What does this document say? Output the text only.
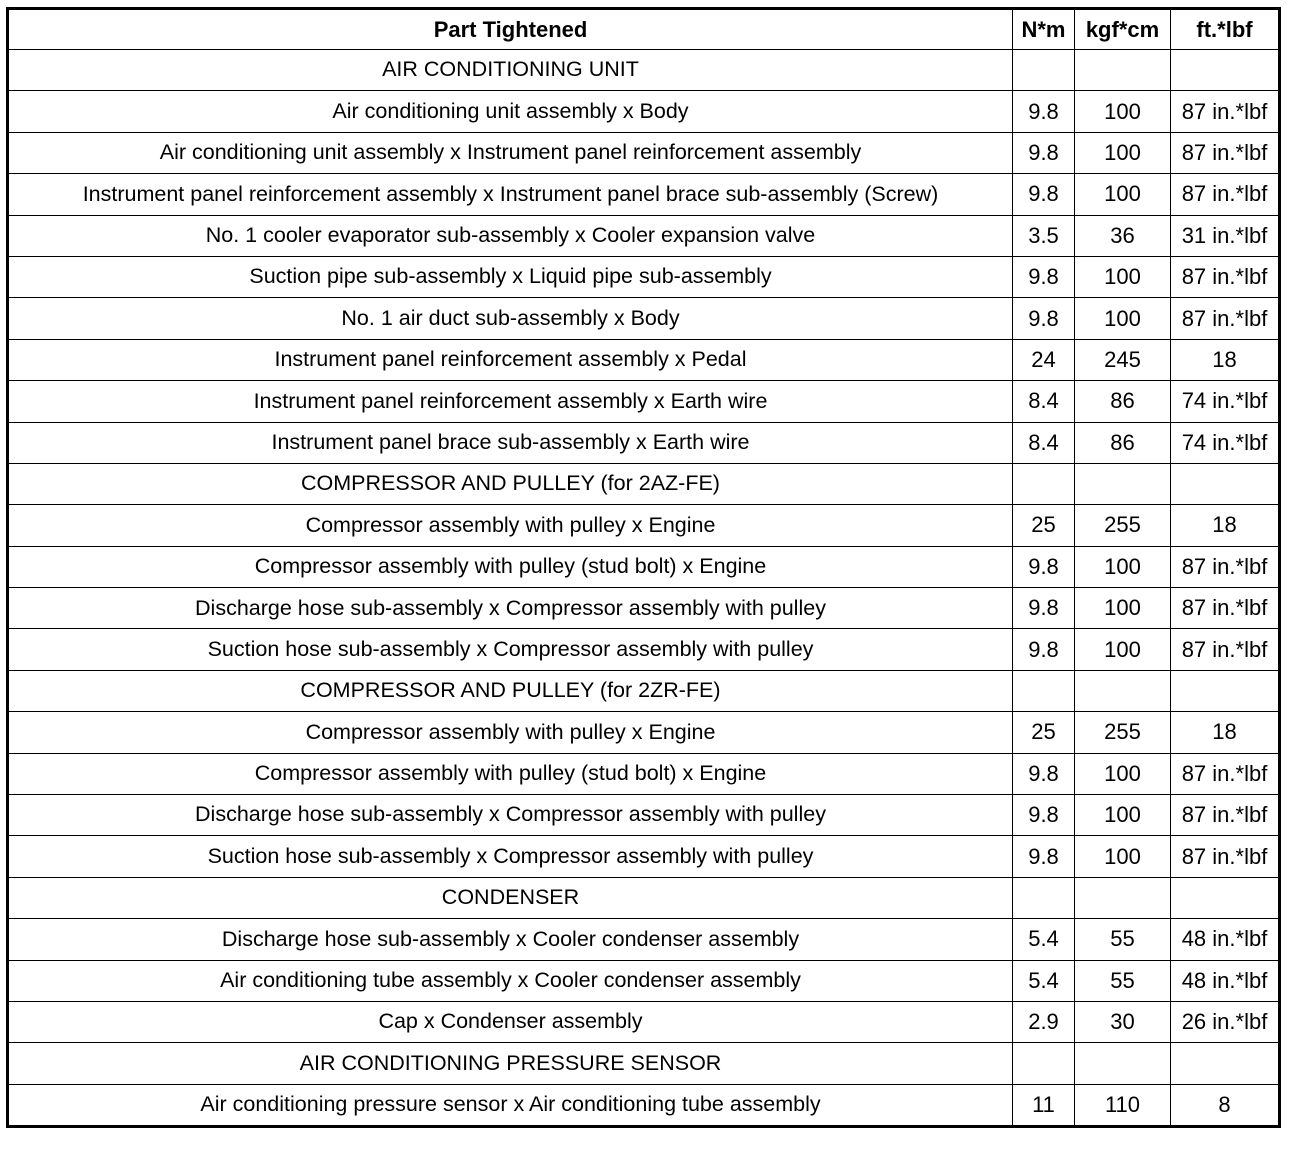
Part Tightened	N*m	kgf*cm	ft.*lbf
AIR CONDITIONING UNIT			
Air conditioning unit assembly x Body	9.8	100	87 in.*lbf
Air conditioning unit assembly x Instrument panel reinforcement assembly	9.8	100	87 in.*lbf
Instrument panel reinforcement assembly x Instrument panel brace sub-assembly (Screw)	9.8	100	87 in.*lbf
No. 1 cooler evaporator sub-assembly x Cooler expansion valve	3.5	36	31 in.*lbf
Suction pipe sub-assembly x Liquid pipe sub-assembly	9.8	100	87 in.*lbf
No. 1 air duct sub-assembly x Body	9.8	100	87 in.*lbf
Instrument panel reinforcement assembly x Pedal	24	245	18
Instrument panel reinforcement assembly x Earth wire	8.4	86	74 in.*lbf
Instrument panel brace sub-assembly x Earth wire	8.4	86	74 in.*lbf
COMPRESSOR AND PULLEY (for 2AZ-FE)			
Compressor assembly with pulley x Engine	25	255	18
Compressor assembly with pulley (stud bolt) x Engine	9.8	100	87 in.*lbf
Discharge hose sub-assembly x Compressor assembly with pulley	9.8	100	87 in.*lbf
Suction hose sub-assembly x Compressor assembly with pulley	9.8	100	87 in.*lbf
COMPRESSOR AND PULLEY (for 2ZR-FE)			
Compressor assembly with pulley x Engine	25	255	18
Compressor assembly with pulley (stud bolt) x Engine	9.8	100	87 in.*lbf
Discharge hose sub-assembly x Compressor assembly with pulley	9.8	100	87 in.*lbf
Suction hose sub-assembly x Compressor assembly with pulley	9.8	100	87 in.*lbf
CONDENSER			
Discharge hose sub-assembly x Cooler condenser assembly	5.4	55	48 in.*lbf
Air conditioning tube assembly x Cooler condenser assembly	5.4	55	48 in.*lbf
Cap x Condenser assembly	2.9	30	26 in.*lbf
AIR CONDITIONING PRESSURE SENSOR			
Air conditioning pressure sensor x Air conditioning tube assembly	11	110	8
